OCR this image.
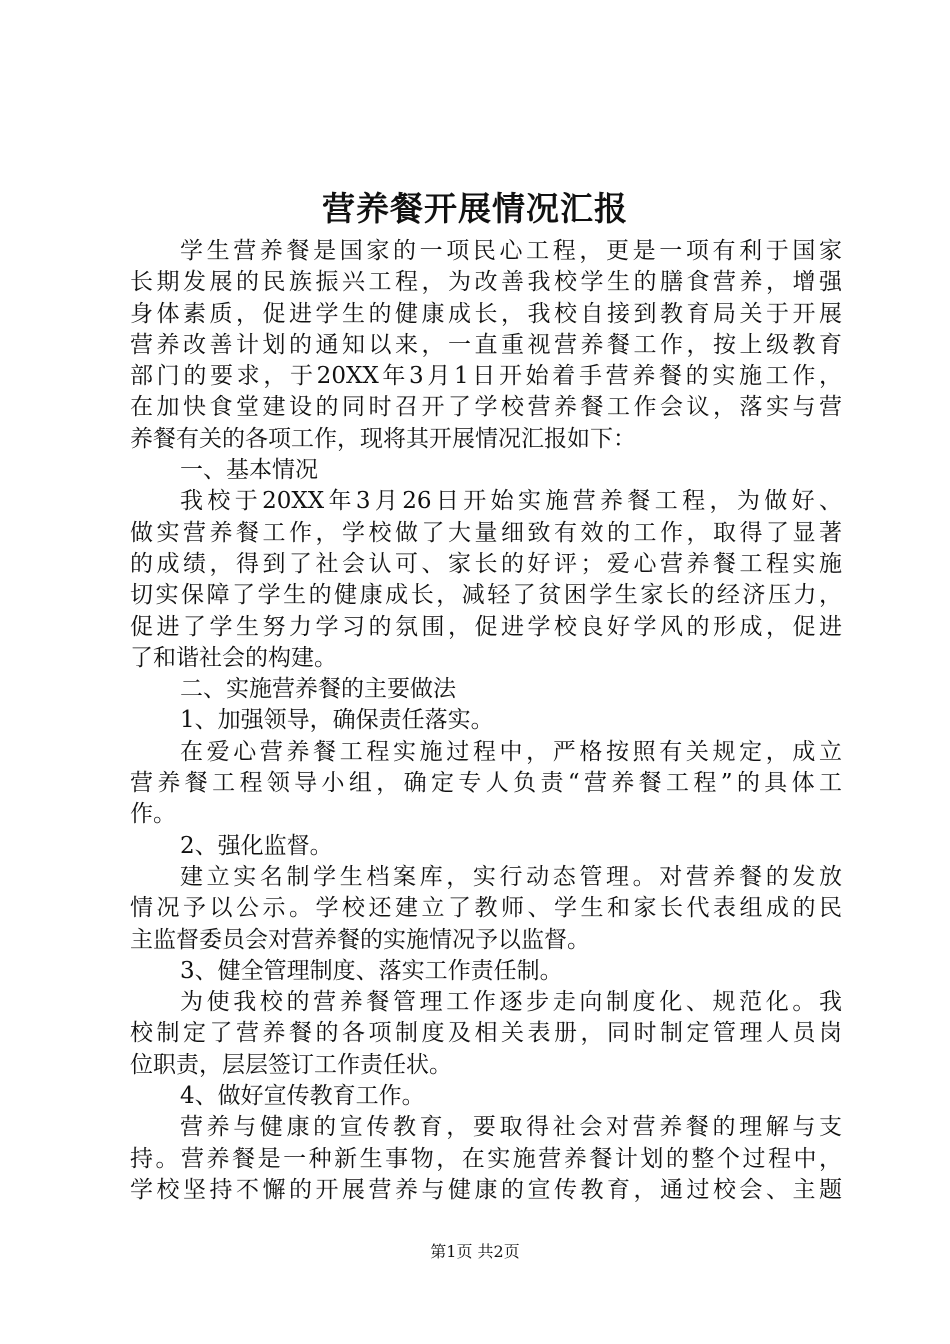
营养餐开展情况汇报
学生营养餐是国家的一项民心工程，更是一项有利于国家
长期发展的民族振兴工程，为改善我校学生的膳食营养，增强
身体素质，促进学生的健康成长，我校自接到教育局关于开展
营养改善计划的通知以来，一直重视营养餐工作，按上级教育
部门的要求，于20XX年3月1日开始着手营养餐的实施工作，
在加快食堂建设的同时召开了学校营养餐工作会议，落实与营
养餐有关的各项工作，现将其开展情况汇报如下：
一、基本情况
我校于20XX年3月26日开始实施营养餐工程，为做好、
做实营养餐工作，学校做了大量细致有效的工作，取得了显著
的成绩，得到了社会认可、家长的好评；爱心营养餐工程实施
切实保障了学生的健康成长，减轻了贫困学生家长的经济压力，
促进了学生努力学习的氛围，促进学校良好学风的形成，促进
了和谐社会的构建。
二、实施营养餐的主要做法
1、加强领导，确保责任落实。
在爱心营养餐工程实施过程中，严格按照有关规定，成立
营养餐工程领导小组，确定专人负责“营养餐工程”的具体工
作。
2、强化监督。
建立实名制学生档案库，实行动态管理。对营养餐的发放
情况予以公示。学校还建立了教师、学生和家长代表组成的民
主监督委员会对营养餐的实施情况予以监督。
3、健全管理制度、落实工作责任制。
为使我校的营养餐管理工作逐步走向制度化、规范化。我
校制定了营养餐的各项制度及相关表册，同时制定管理人员岗
位职责，层层签订工作责任状。
4、做好宣传教育工作。
营养与健康的宣传教育，要取得社会对营养餐的理解与支
持。营养餐是一种新生事物，在实施营养餐计划的整个过程中，
学校坚持不懈的开展营养与健康的宣传教育，通过校会、主题
第1页 共2页
